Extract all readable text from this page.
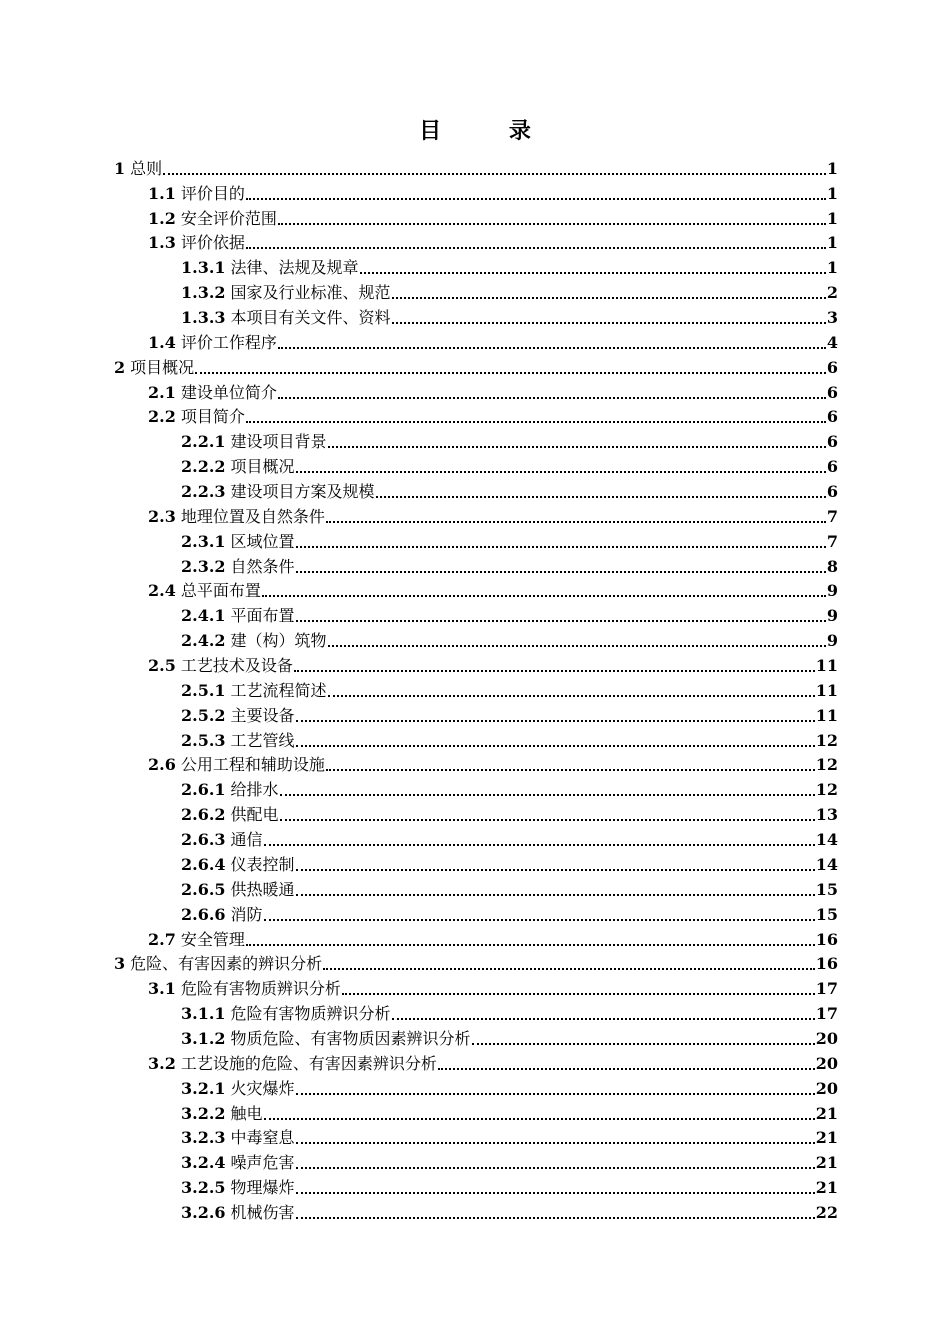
目 录
1 总则	1
1.1 评价目的	1
1.2 安全评价范围	1
1.3 评价依据	1
1.3.1 法律、法规及规章	1
1.3.2 国家及行业标准、规范	2
1.3.3 本项目有关文件、资料	3
1.4 评价工作程序	4
2 项目概况	6
2.1 建设单位简介	6
2.2 项目简介	6
2.2.1 建设项目背景	6
2.2.2 项目概况	6
2.2.3 建设项目方案及规模	6
2.3 地理位置及自然条件	7
2.3.1 区域位置	7
2.3.2 自然条件	8
2.4 总平面布置	9
2.4.1 平面布置	9
2.4.2 建（构）筑物	9
2.5 工艺技术及设备	11
2.5.1 工艺流程简述	11
2.5.2 主要设备	11
2.5.3 工艺管线	12
2.6 公用工程和辅助设施	12
2.6.1 给排水	12
2.6.2 供配电	13
2.6.3 通信	14
2.6.4 仪表控制	14
2.6.5 供热暖通	15
2.6.6 消防	15
2.7 安全管理	16
3 危险、有害因素的辨识分析	16
3.1 危险有害物质辨识分析	17
3.1.1 危险有害物质辨识分析	17
3.1.2 物质危险、有害物质因素辨识分析	20
3.2 工艺设施的危险、有害因素辨识分析	20
3.2.1 火灾爆炸	20
3.2.2 触电	21
3.2.3 中毒窒息	21
3.2.4 噪声危害	21
3.2.5 物理爆炸	21
3.2.6 机械伤害	22
